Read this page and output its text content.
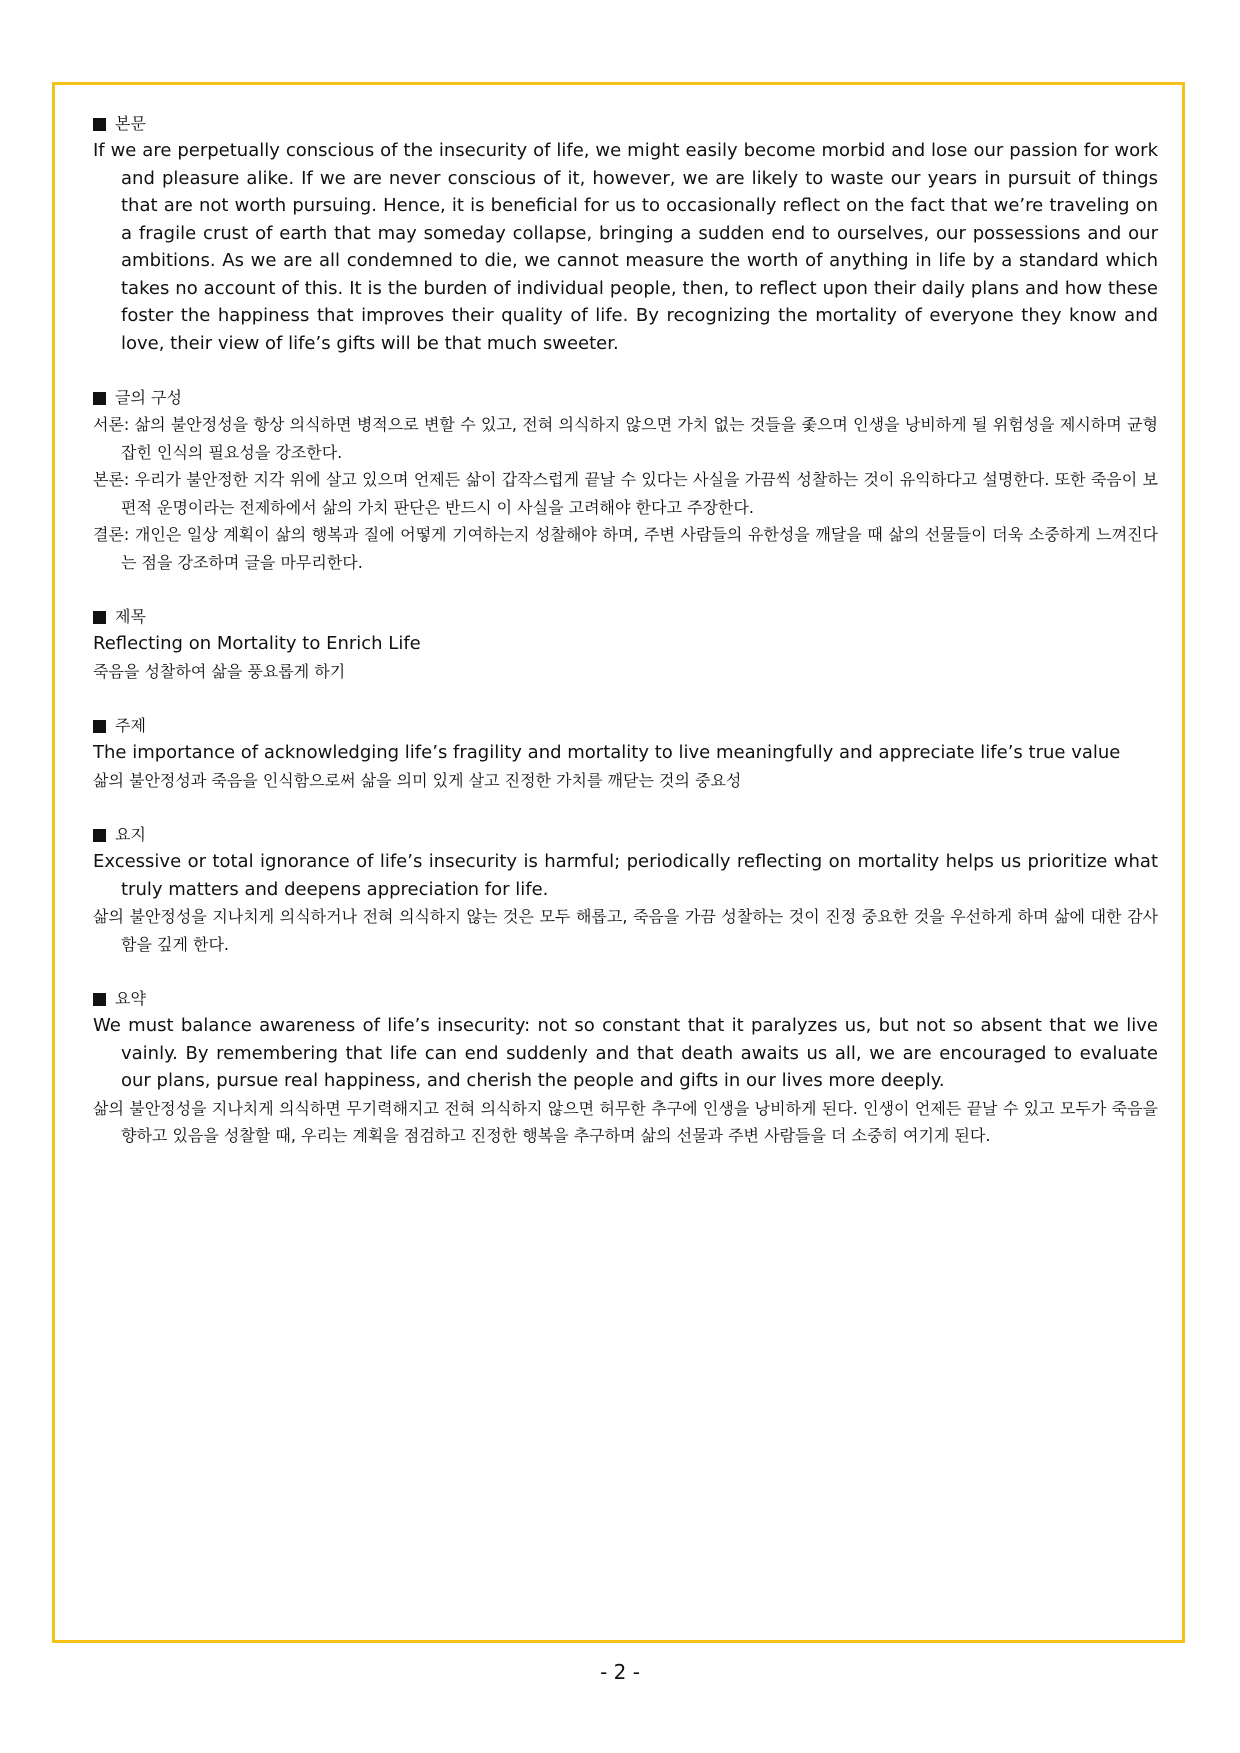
본문
If we are perpetually conscious of the insecurity of life, we might easily become morbid and lose our passion for work and pleasure alike. If we are never conscious of it, however, we are likely to waste our years in pursuit of things that are not worth pursuing. Hence, it is beneficial for us to occasionally reflect on the fact that we’re traveling on a fragile crust of earth that may someday collapse, bringing a sudden end to ourselves, our possessions and our ambitions. As we are all condemned to die, we cannot measure the worth of anything in life by a standard which takes no account of this. It is the burden of individual people, then, to reflect upon their daily plans and how these foster the happiness that improves their quality of life. By recognizing the mortality of everyone they know and love, their view of life’s gifts will be that much sweeter.
글의 구성
서론: 삶의 불안정성을 항상 의식하면 병적으로 변할 수 있고, 전혀 의식하지 않으면 가치 없는 것들을 좇으며 인생을 낭비하게 될 위험성을 제시하며 균형 잡힌 인식의 필요성을 강조한다.
본론: 우리가 불안정한 지각 위에 살고 있으며 언제든 삶이 갑작스럽게 끝날 수 있다는 사실을 가끔씩 성찰하는 것이 유익하다고 설명한다. 또한 죽음이 보편적 운명이라는 전제하에서 삶의 가치 판단은 반드시 이 사실을 고려해야 한다고 주장한다.
결론: 개인은 일상 계획이 삶의 행복과 질에 어떻게 기여하는지 성찰해야 하며, 주변 사람들의 유한성을 깨달을 때 삶의 선물들이 더욱 소중하게 느껴진다는 점을 강조하며 글을 마무리한다.
제목
Reflecting on Mortality to Enrich Life
죽음을 성찰하여 삶을 풍요롭게 하기
주제
The importance of acknowledging life’s fragility and mortality to live meaningfully and appreciate life’s true value
삶의 불안정성과 죽음을 인식함으로써 삶을 의미 있게 살고 진정한 가치를 깨닫는 것의 중요성
요지
Excessive or total ignorance of life’s insecurity is harmful; periodically reflecting on mortality helps us prioritize what truly matters and deepens appreciation for life.
삶의 불안정성을 지나치게 의식하거나 전혀 의식하지 않는 것은 모두 해롭고, 죽음을 가끔 성찰하는 것이 진정 중요한 것을 우선하게 하며 삶에 대한 감사함을 깊게 한다.
요약
We must balance awareness of life’s insecurity: not so constant that it paralyzes us, but not so absent that we live vainly. By remembering that life can end suddenly and that death awaits us all, we are encouraged to evaluate our plans, pursue real happiness, and cherish the people and gifts in our lives more deeply.
삶의 불안정성을 지나치게 의식하면 무기력해지고 전혀 의식하지 않으면 허무한 추구에 인생을 낭비하게 된다. 인생이 언제든 끝날 수 있고 모두가 죽음을 향하고 있음을 성찰할 때, 우리는 계획을 점검하고 진정한 행복을 추구하며 삶의 선물과 주변 사람들을 더 소중히 여기게 된다.
- 2 -
